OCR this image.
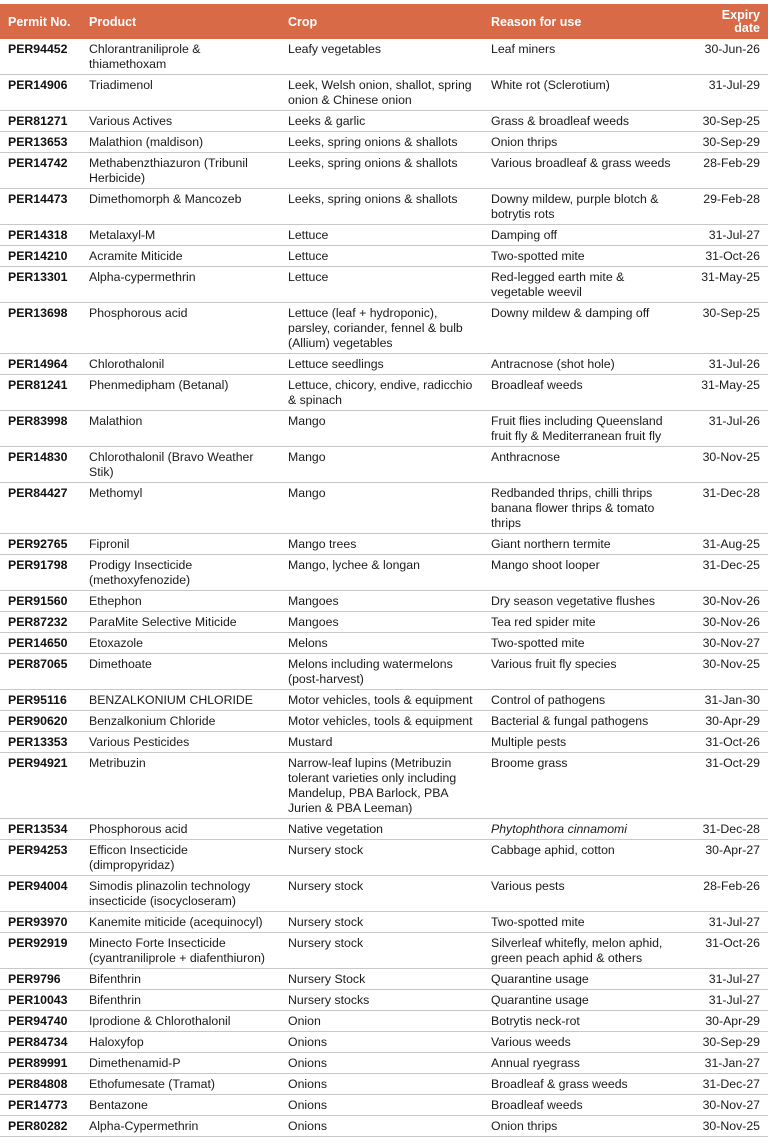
Permit No.	Product	Crop	Reason for use	Expiry date
PER94452	Chlorantraniliprole & thiamethoxam	Leafy vegetables	Leaf miners	30-Jun-26
PER14906	Triadimenol	Leek, Welsh onion, shallot, spring onion & Chinese onion	White rot (Sclerotium)	31-Jul-29
PER81271	Various Actives	Leeks & garlic	Grass & broadleaf weeds	30-Sep-25
PER13653	Malathion (maldison)	Leeks, spring onions & shallots	Onion thrips	30-Sep-29
PER14742	Methabenzthiazuron (Tribunil Herbicide)	Leeks, spring onions & shallots	Various broadleaf & grass weeds	28-Feb-29
PER14473	Dimethomorph & Mancozeb	Leeks, spring onions & shallots	Downy mildew, purple blotch & botrytis rots	29-Feb-28
PER14318	Metalaxyl-M	Lettuce	Damping off	31-Jul-27
PER14210	Acramite Miticide	Lettuce	Two-spotted mite	31-Oct-26
PER13301	Alpha-cypermethrin	Lettuce	Red-legged earth mite & vegetable weevil	31-May-25
PER13698	Phosphorous acid	Lettuce (leaf + hydroponic), parsley, coriander, fennel & bulb (Allium) vegetables	Downy mildew & damping off	30-Sep-25
PER14964	Chlorothalonil	Lettuce seedlings	Antracnose (shot hole)	31-Jul-26
PER81241	Phenmedipham (Betanal)	Lettuce, chicory, endive, radicchio & spinach	Broadleaf weeds	31-May-25
PER83998	Malathion	Mango	Fruit flies including Queensland fruit fly & Mediterranean fruit fly	31-Jul-26
PER14830	Chlorothalonil (Bravo Weather Stik)	Mango	Anthracnose	30-Nov-25
PER84427	Methomyl	Mango	Redbanded thrips, chilli thrips banana flower thrips & tomato thrips	31-Dec-28
PER92765	Fipronil	Mango trees	Giant northern termite	31-Aug-25
PER91798	Prodigy Insecticide (methoxyfenozide)	Mango, lychee & longan	Mango shoot looper	31-Dec-25
PER91560	Ethephon	Mangoes	Dry season vegetative flushes	30-Nov-26
PER87232	ParaMite Selective Miticide	Mangoes	Tea red spider mite	30-Nov-26
PER14650	Etoxazole	Melons	Two-spotted mite	30-Nov-27
PER87065	Dimethoate	Melons including watermelons (post-harvest)	Various fruit fly species	30-Nov-25
PER95116	BENZALKONIUM CHLORIDE	Motor vehicles, tools & equipment	Control of pathogens	31-Jan-30
PER90620	Benzalkonium Chloride	Motor vehicles, tools & equipment	Bacterial & fungal pathogens	30-Apr-29
PER13353	Various Pesticides	Mustard	Multiple pests	31-Oct-26
PER94921	Metribuzin	Narrow-leaf lupins (Metribuzin tolerant varieties only including Mandelup, PBA Barlock, PBA Jurien & PBA Leeman)	Broome grass	31-Oct-29
PER13534	Phosphorous acid	Native vegetation	Phytophthora cinnamomi	31-Dec-28
PER94253	Efficon Insecticide (dimpropyridaz)	Nursery stock	Cabbage aphid, cotton	30-Apr-27
PER94004	Simodis plinazolin technology insecticide (isocycloseram)	Nursery stock	Various pests	28-Feb-26
PER93970	Kanemite miticide (acequinocyl)	Nursery stock	Two-spotted mite	31-Jul-27
PER92919	Minecto Forte Insecticide (cyantraniliprole + diafenthiuron)	Nursery stock	Silverleaf whitefly, melon aphid, green peach aphid & others	31-Oct-26
PER9796	Bifenthrin	Nursery Stock	Quarantine usage	31-Jul-27
PER10043	Bifenthrin	Nursery stocks	Quarantine usage	31-Jul-27
PER94740	Iprodione & Chlorothalonil	Onion	Botrytis neck-rot	30-Apr-29
PER84734	Haloxyfop	Onions	Various weeds	30-Sep-29
PER89991	Dimethenamid-P	Onions	Annual ryegrass	31-Jan-27
PER84808	Ethofumesate (Tramat)	Onions	Broadleaf & grass weeds	31-Dec-27
PER14773	Bentazone	Onions	Broadleaf weeds	30-Nov-27
PER80282	Alpha-Cypermethrin	Onions	Onion thrips	30-Nov-25
